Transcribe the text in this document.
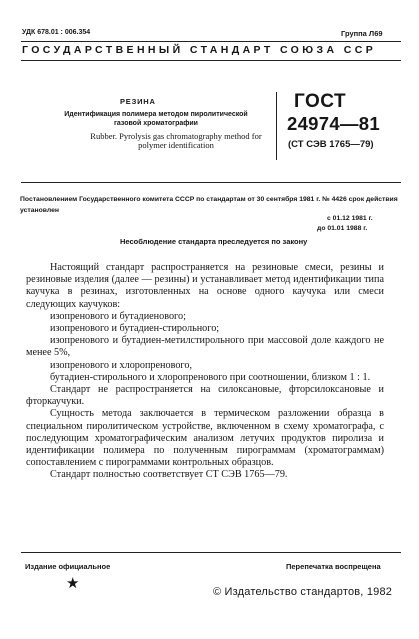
УДК 678.01 : 006.354	Группа Л69
ГОСУДАРСТВЕННЫЙ СТАНДАРТ СОЮЗА ССР
РЕЗИНА
Идентификация полимера методом пиролитической
газовой хроматографии
Rubber. Pyrolysis gas chromatography method for
polymer identification
ГОСТ
24974—81
(СТ СЭВ 1765—79)
Постановлением Государственного комитета СССР по стандартам от 30 сентября 1981 г. № 4426 срок действия установлен
с 01.12 1981 г.
до 01.01 1988 г.
Несоблюдение стандарта преследуется по закону

Настоящий стандарт распространяется на резиновые смеси, резины и резиновые изделия (далее — резины) и устанавливает метод идентификации типа каучука в резинах, изготовленных на основе одного каучука или смеси следующих каучуков:

изопренового и бутадиенового;

изопренового и бутадиен-стирольного;

изопренового и бутадиен-метилстирольного при массовой доле каждого не менее 5%,

изопренового и хлоропренового,

бутадиен-стирольного и хлоропренового при соотношении, близком 1 : 1.

Стандарт не распространяется на силоксановые, фторсилоксановые и фторкаучуки.

Сущность метода заключается в термическом разложении образца в специальном пиролитическом устройстве, включенном в схему хроматографа, с последующим хроматографическим анализом летучих продуктов пиролиза и идентификации полимера по полученным пирограммам (хроматограммам) сопоставлением с пирограммами контрольных образцов.

Стандарт полностью соответствует СТ СЭВ 1765—79.

Издание официальное	Перепечатка воспрещена
★	© Издательство стандартов, 1982
